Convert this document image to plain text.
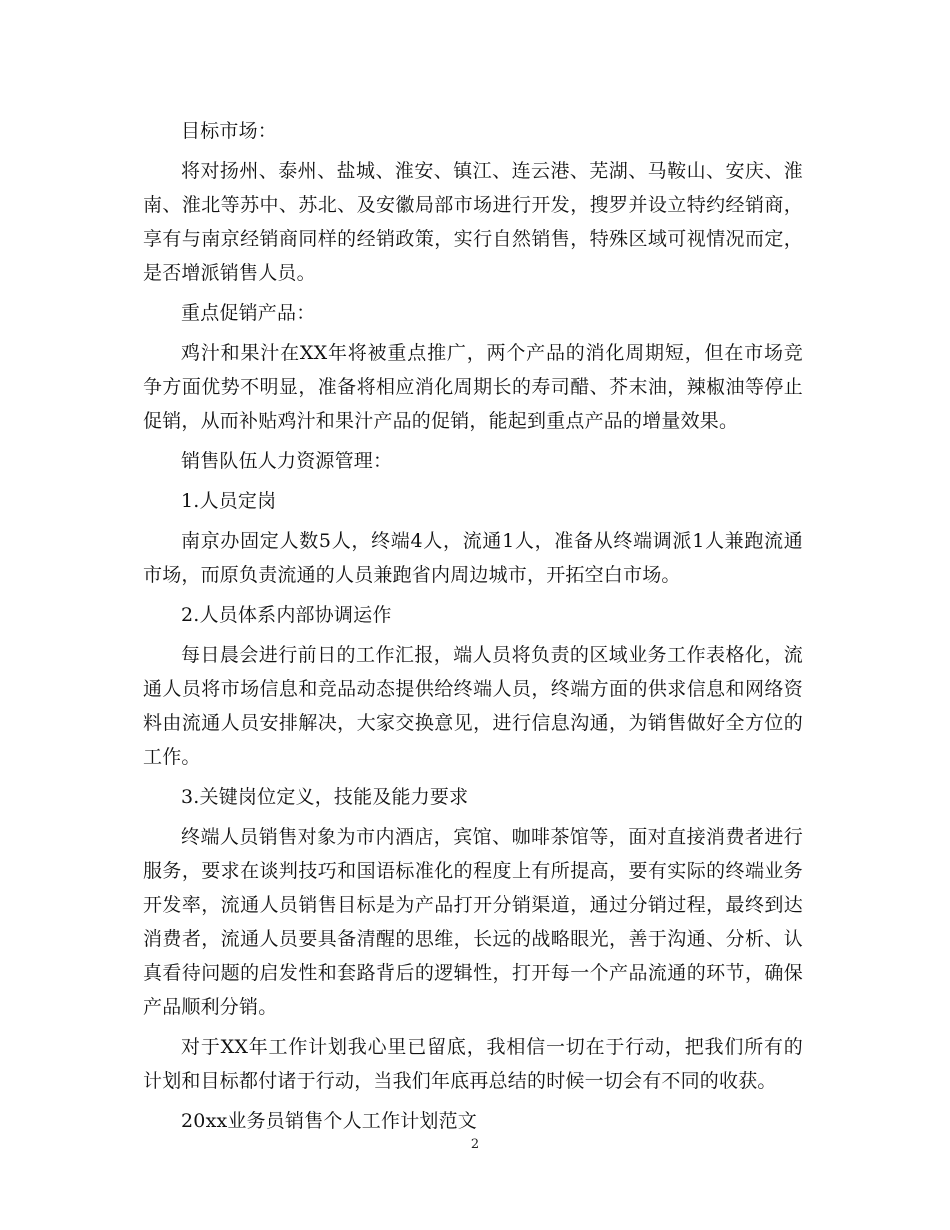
目标市场：

将对扬州、泰州、盐城、淮安、镇江、连云港、芜湖、马鞍山、安庆、淮南、淮北等苏中、苏北、及安徽局部市场进行开发，搜罗并设立特约经销商，享有与南京经销商同样的经销政策，实行自然销售，特殊区域可视情况而定，是否增派销售人员。

重点促销产品：

鸡汁和果汁在XX年将被重点推广，两个产品的消化周期短，但在市场竞争方面优势不明显，准备将相应消化周期长的寿司醋、芥末油，辣椒油等停止促销，从而补贴鸡汁和果汁产品的促销，能起到重点产品的增量效果。

销售队伍人力资源管理：

1.人员定岗

南京办固定人数5人，终端4人，流通1人，准备从终端调派1人兼跑流通市场，而原负责流通的人员兼跑省内周边城市，开拓空白市场。

2.人员体系内部协调运作

每日晨会进行前日的工作汇报，端人员将负责的区域业务工作表格化，流通人员将市场信息和竞品动态提供给终端人员，终端方面的供求信息和网络资料由流通人员安排解决，大家交换意见，进行信息沟通，为销售做好全方位的工作。

3.关键岗位定义，技能及能力要求

终端人员销售对象为市内酒店，宾馆、咖啡茶馆等，面对直接消费者进行服务，要求在谈判技巧和国语标准化的程度上有所提高，要有实际的终端业务开发率，流通人员销售目标是为产品打开分销渠道，通过分销过程，最终到达消费者，流通人员要具备清醒的思维，长远的战略眼光，善于沟通、分析、认真看待问题的启发性和套路背后的逻辑性，打开每一个产品流通的环节，确保产品顺利分销。

对于XX年工作计划我心里已留底，我相信一切在于行动，把我们所有的计划和目标都付诸于行动，当我们年底再总结的时候一切会有不同的收获。

20xx业务员销售个人工作计划范文

2
